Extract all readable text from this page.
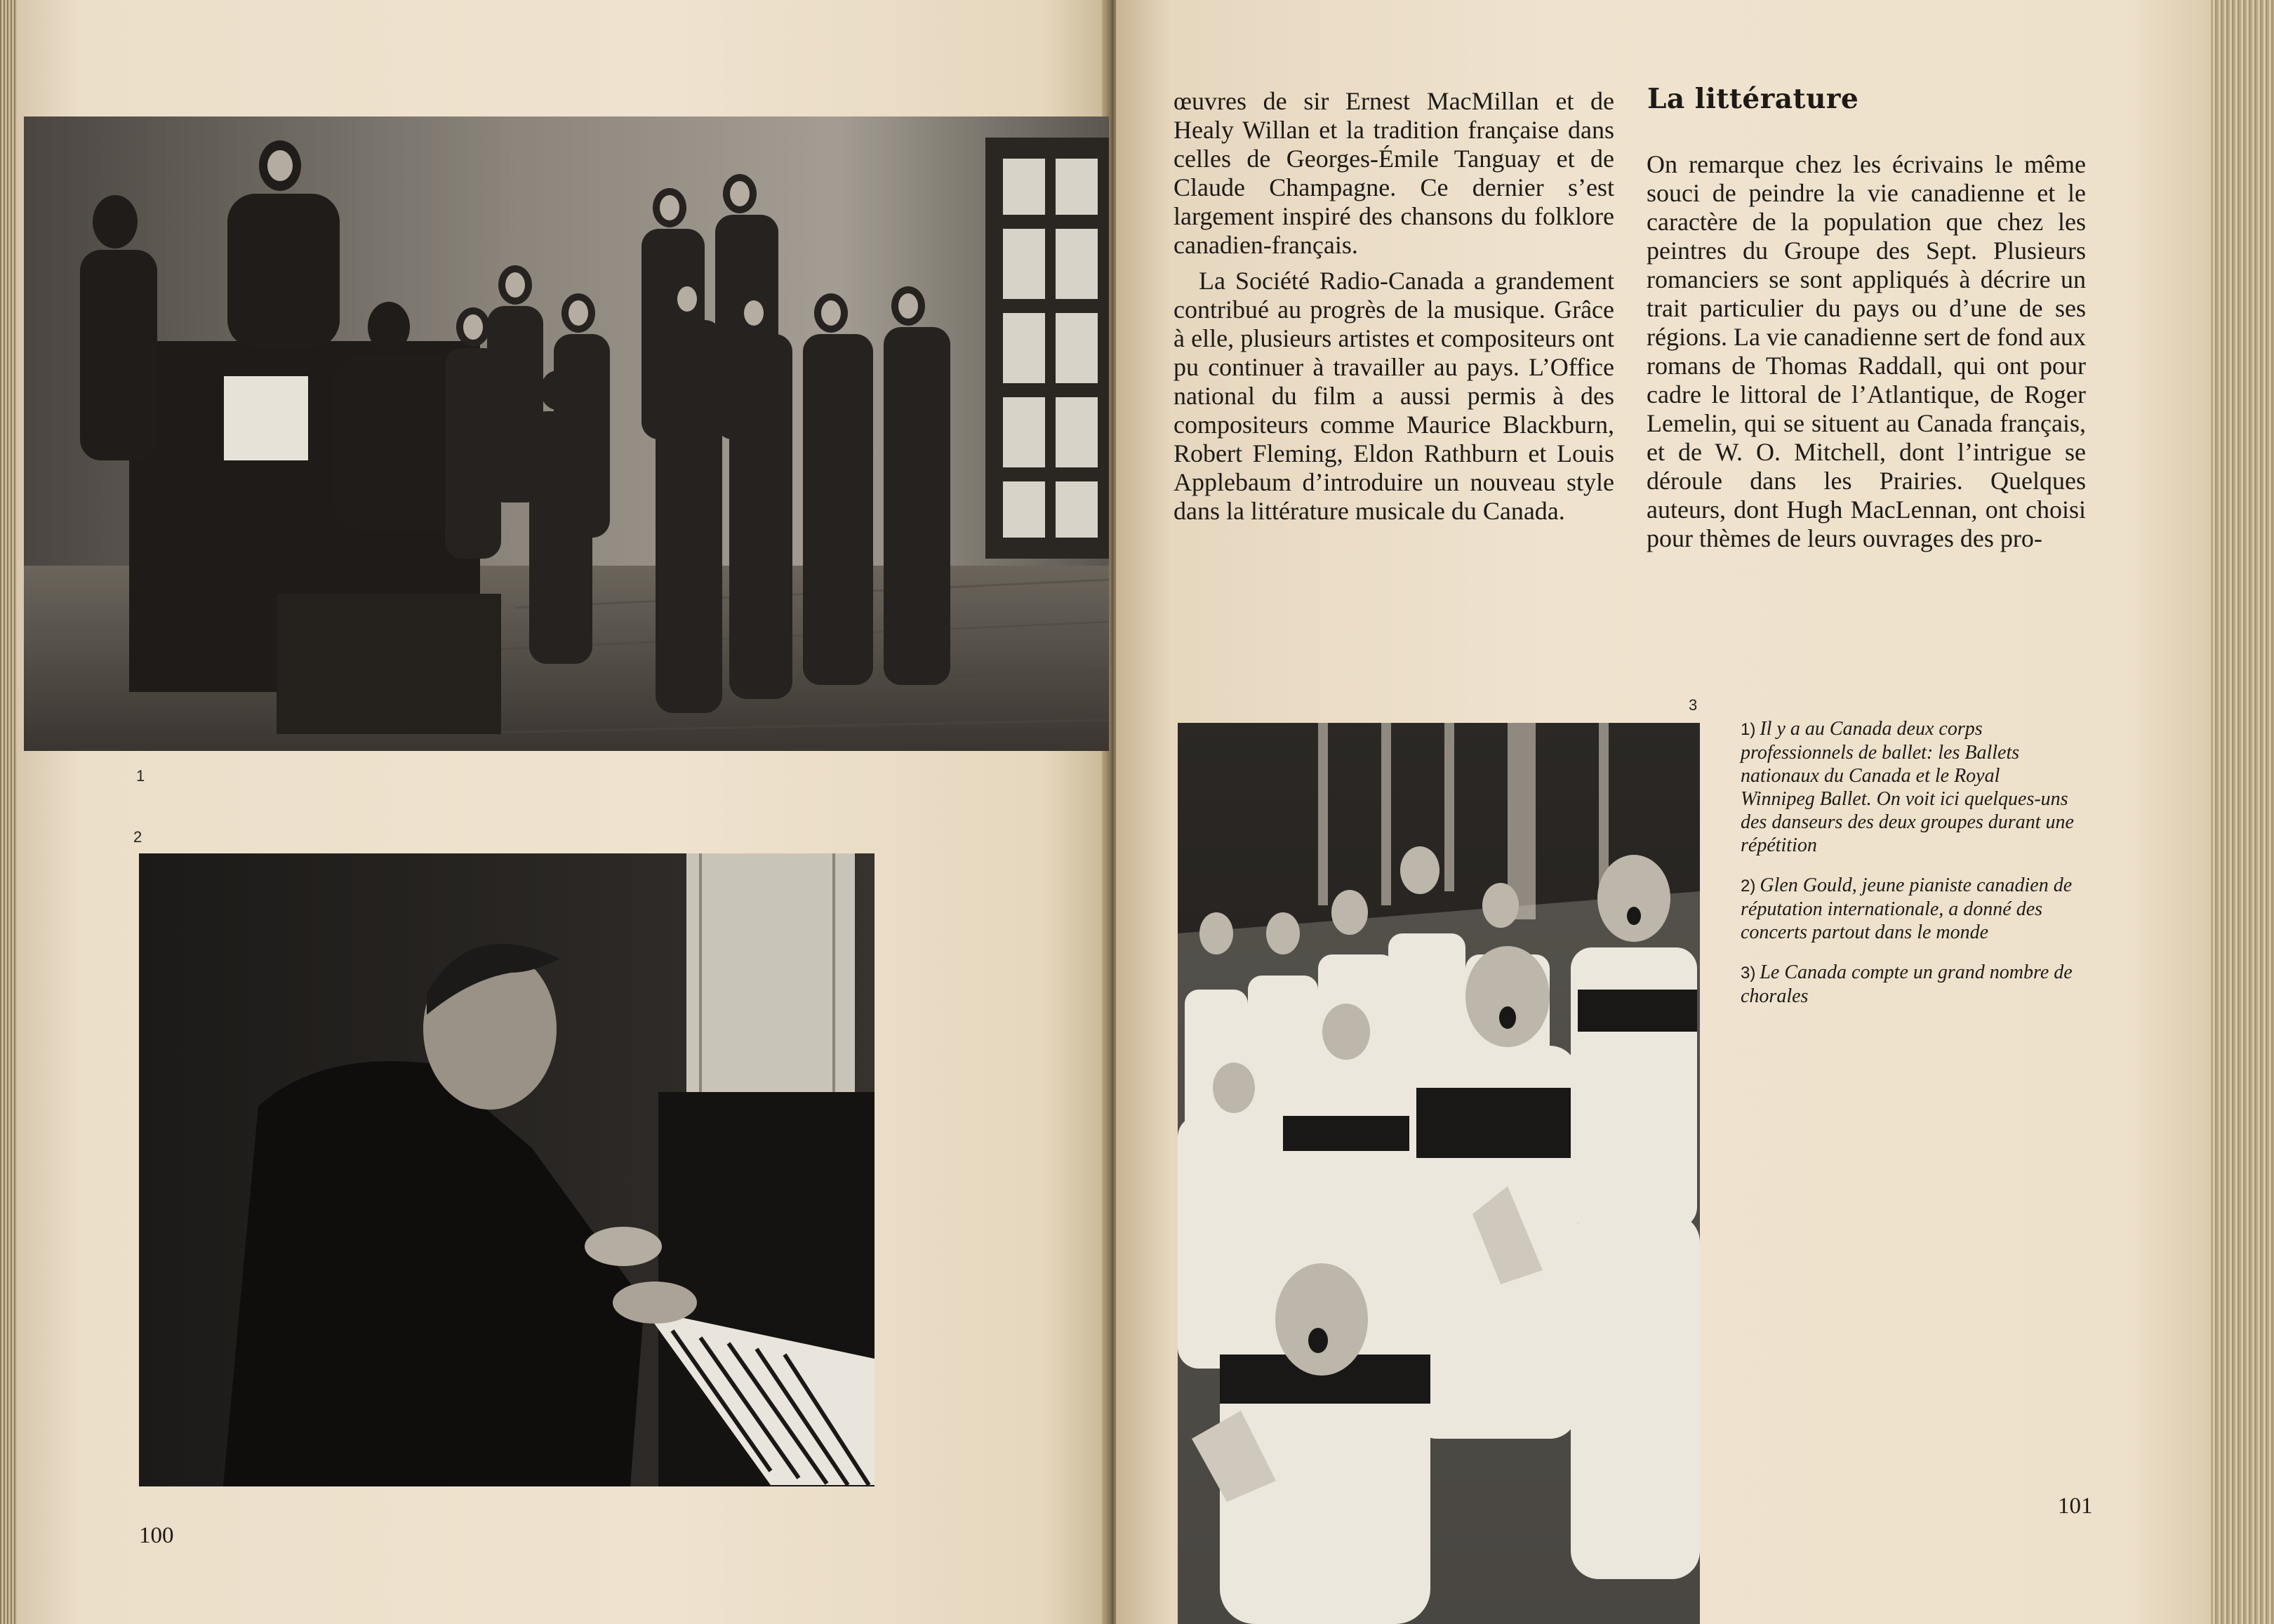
1
2
100

œuvres de sir Ernest MacMillan et de Healy Willan et la tradition française dans celles de Georges-Émile Tanguay et de Claude Champagne. Ce dernier s’est largement inspiré des chansons du folklore canadien-français.

La Société Radio-Canada a grandement contribué au progrès de la musique. Grâce à elle, plusieurs artistes et compositeurs ont pu continuer à travailler au pays. L’Office national du film a aussi permis à des compositeurs comme Maurice Blackburn, Robert Fleming, Eldon Rathburn et Louis Applebaum d’introduire un nouveau style dans la littérature musicale du Canada.

La littérature

On remarque chez les écrivains le même souci de peindre la vie canadienne et le caractère de la population que chez les peintres du Groupe des Sept. Plusieurs romanciers se sont appliqués à décrire un trait particulier du pays ou d’une de ses régions. La vie canadienne sert de fond aux romans de Thomas Raddall, qui ont pour cadre le littoral de l’Atlantique, de Roger Lemelin, qui se situent au Canada français, et de W. O. Mitchell, dont l’intrigue se déroule dans les Prairies. Quelques auteurs, dont Hugh MacLennan, ont choisi pour thèmes de leurs ouvrages des pro-

3

1) Il y a au Canada deux corps professionnels de ballet: les Ballets nationaux du Canada et le Royal Winnipeg Ballet. On voit ici quelques-uns des danseurs des deux groupes durant une répétition

2) Glen Gould, jeune pianiste canadien de réputation internationale, a donné des concerts partout dans le monde

3) Le Canada compte un grand nombre de chorales

101
